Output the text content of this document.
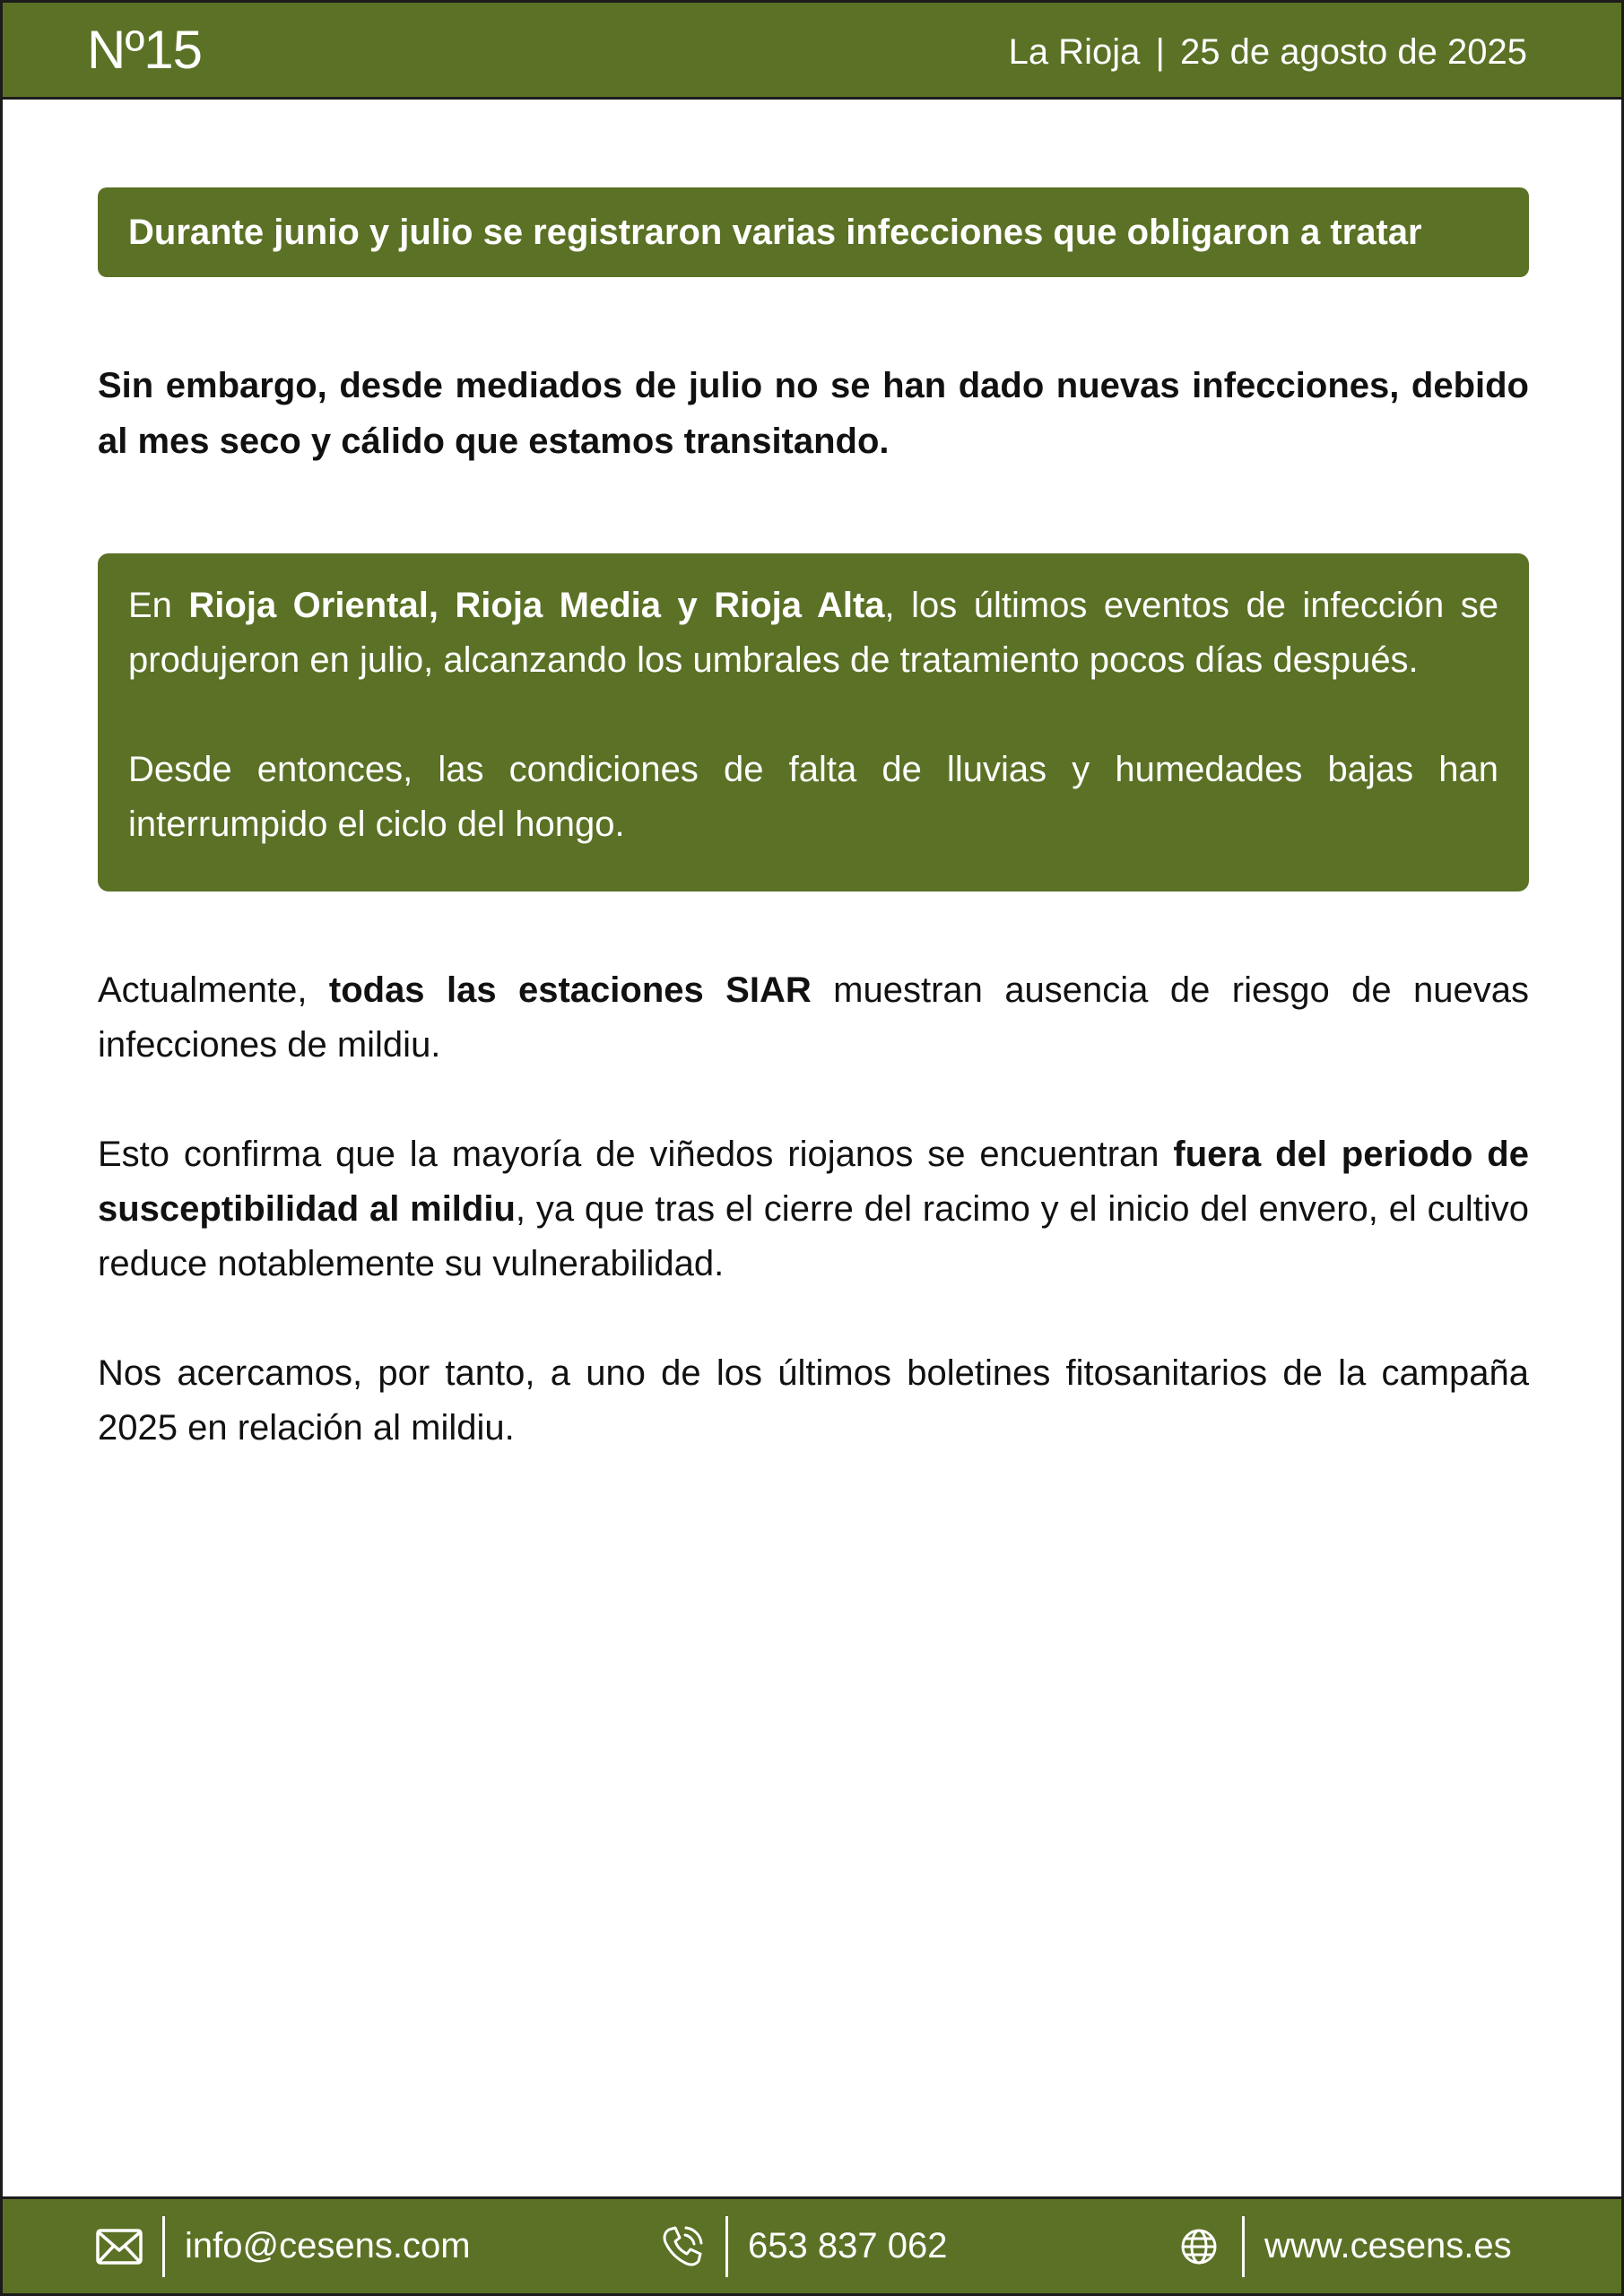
Nº15	La Rioja | 25 de agosto de 2025
Durante junio y julio se registraron varias infecciones que obligaron a tratar

Sin embargo, desde mediados de julio no se han dado nuevas infecciones, debido al mes seco y cálido que estamos transitando.

En Rioja Oriental, Rioja Media y Rioja Alta, los últimos eventos de infección se produjeron en julio, alcanzando los umbrales de tratamiento pocos días después.

Desde entonces, las condiciones de falta de lluvias y humedades bajas han interrumpido el ciclo del hongo.

Actualmente, todas las estaciones SIAR muestran ausencia de riesgo de nuevas infecciones de mildiu.

Esto confirma que la mayoría de viñedos riojanos se encuentran fuera del periodo de susceptibilidad al mildiu, ya que tras el cierre del racimo y el inicio del envero, el cultivo reduce notablemente su vulnerabilidad.

Nos acercamos, por tanto, a uno de los últimos boletines fitosanitarios de la campaña 2025 en relación al mildiu.

info@cesens.com	653 837 062	www.cesens.es
